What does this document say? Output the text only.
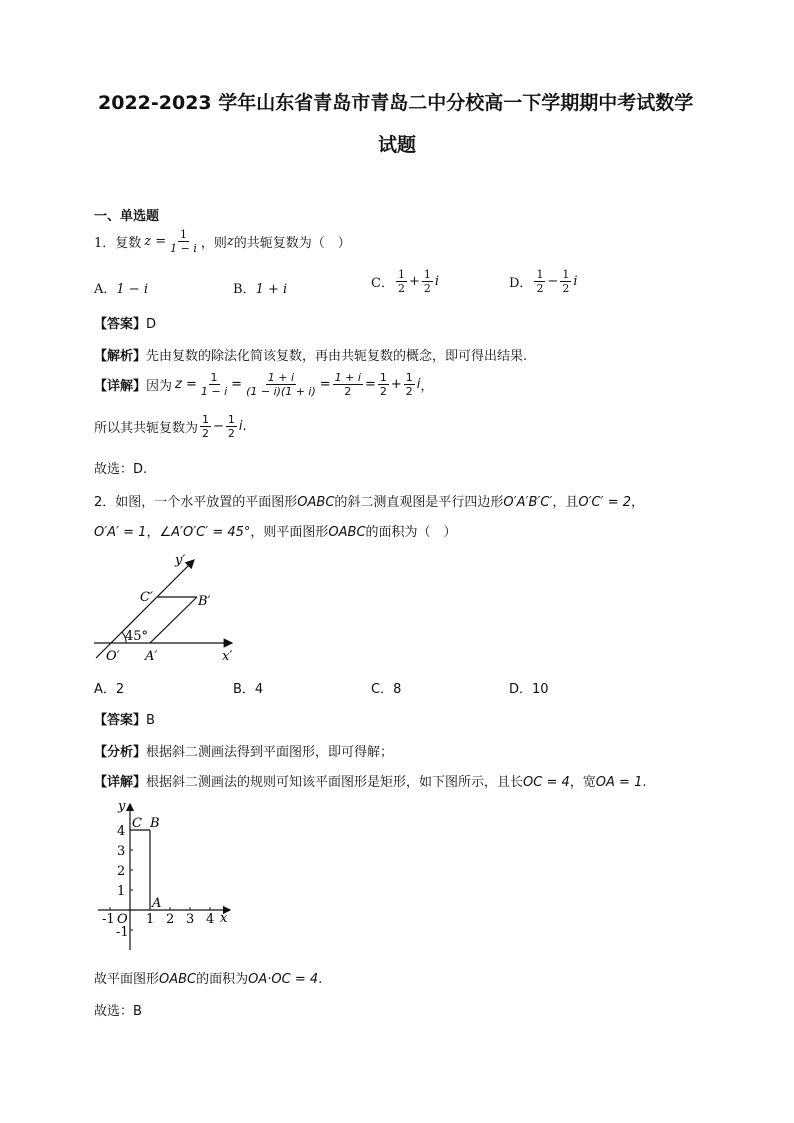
2022-2023 学年山东省青岛市青岛二中分校高一下学期期中考试数学
试题
一、单选题
1．复数 $z = \frac{1}{1 - i}$ ，则 z 的共轭复数为（　）
A．1 − i	B．1 + i	C． $\frac{1}{2} + \frac{1}{2}$ i	D． $\frac{1}{2} - \frac{1}{2}$ i
【答案】D
【解析】先由复数的除法化简该复数，再由共轭复数的概念，即可得出结果.
【详解】 因为 $z = \frac{1}{1 - i} = \frac{1 + i}{(1 - i)(1 + i)} = \frac{1 + i}{2} = \frac{1}{2} + \frac{1}{2}$ i ，
所以其共轭复数为 $\frac{1}{2} - \frac{1}{2}$ i .
故选：D.
2．如图，一个水平放置的平面图形OABC的斜二测直观图是平行四边形O′A′B′C′，且O′C′ = 2，
O′A′ = 1，∠A′O′C′ = 45°，则平面图形OABC的面积为（　）
y′
x′
C′	B′
O′ A′
45°
A．2	B．4	C．8	D．10
【答案】B
【分析】根据斜二测画法得到平面图形，即可得解；
【详解】根据斜二测画法的规则可知该平面图形是矩形，如下图所示，且长OC = 4，宽OA = 1.
y
x
C B
A
O
4
3
2
1
-1
-1 1 2 3 4
故平面图形OABC的面积为OA·OC = 4.
故选：B
